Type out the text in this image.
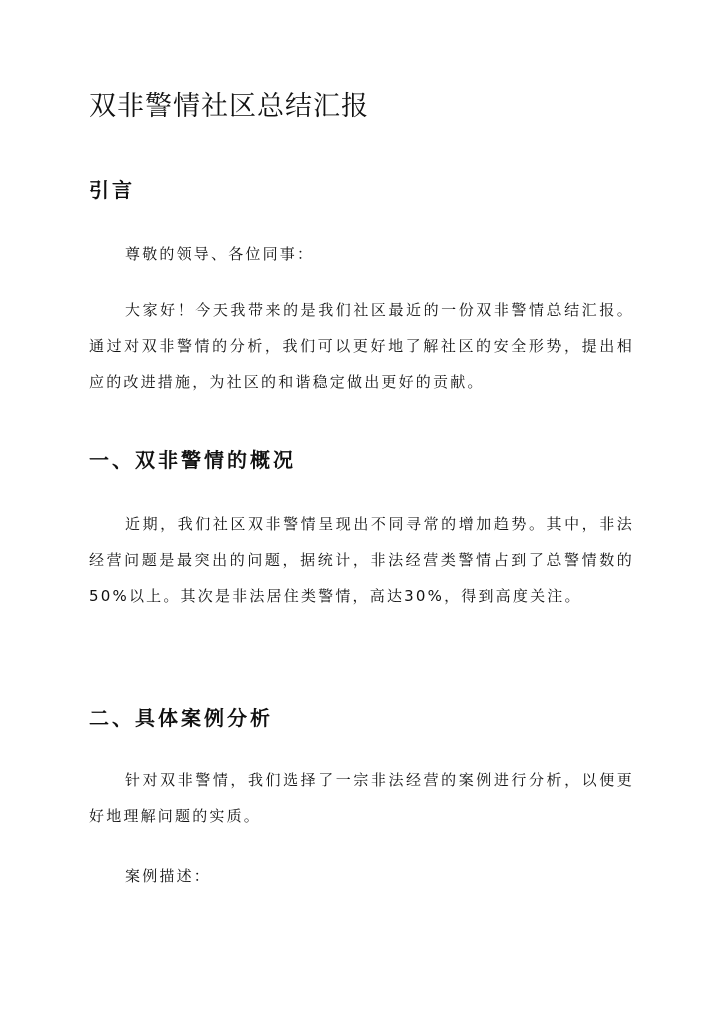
双非警情社区总结汇报
引言

尊敬的领导、各位同事：

大家好！今天我带来的是我们社区最近的一份双非警情总结汇报。通过对双非警情的分析，我们可以更好地了解社区的安全形势，提出相应的改进措施，为社区的和谐稳定做出更好的贡献。

一、双非警情的概况

近期，我们社区双非警情呈现出不同寻常的增加趋势。其中，非法经营问题是最突出的问题，据统计，非法经营类警情占到了总警情数的50%以上。其次是非法居住类警情，高达30%，得到高度关注。

二、具体案例分析

针对双非警情，我们选择了一宗非法经营的案例进行分析，以便更好地理解问题的实质。

案例描述：
